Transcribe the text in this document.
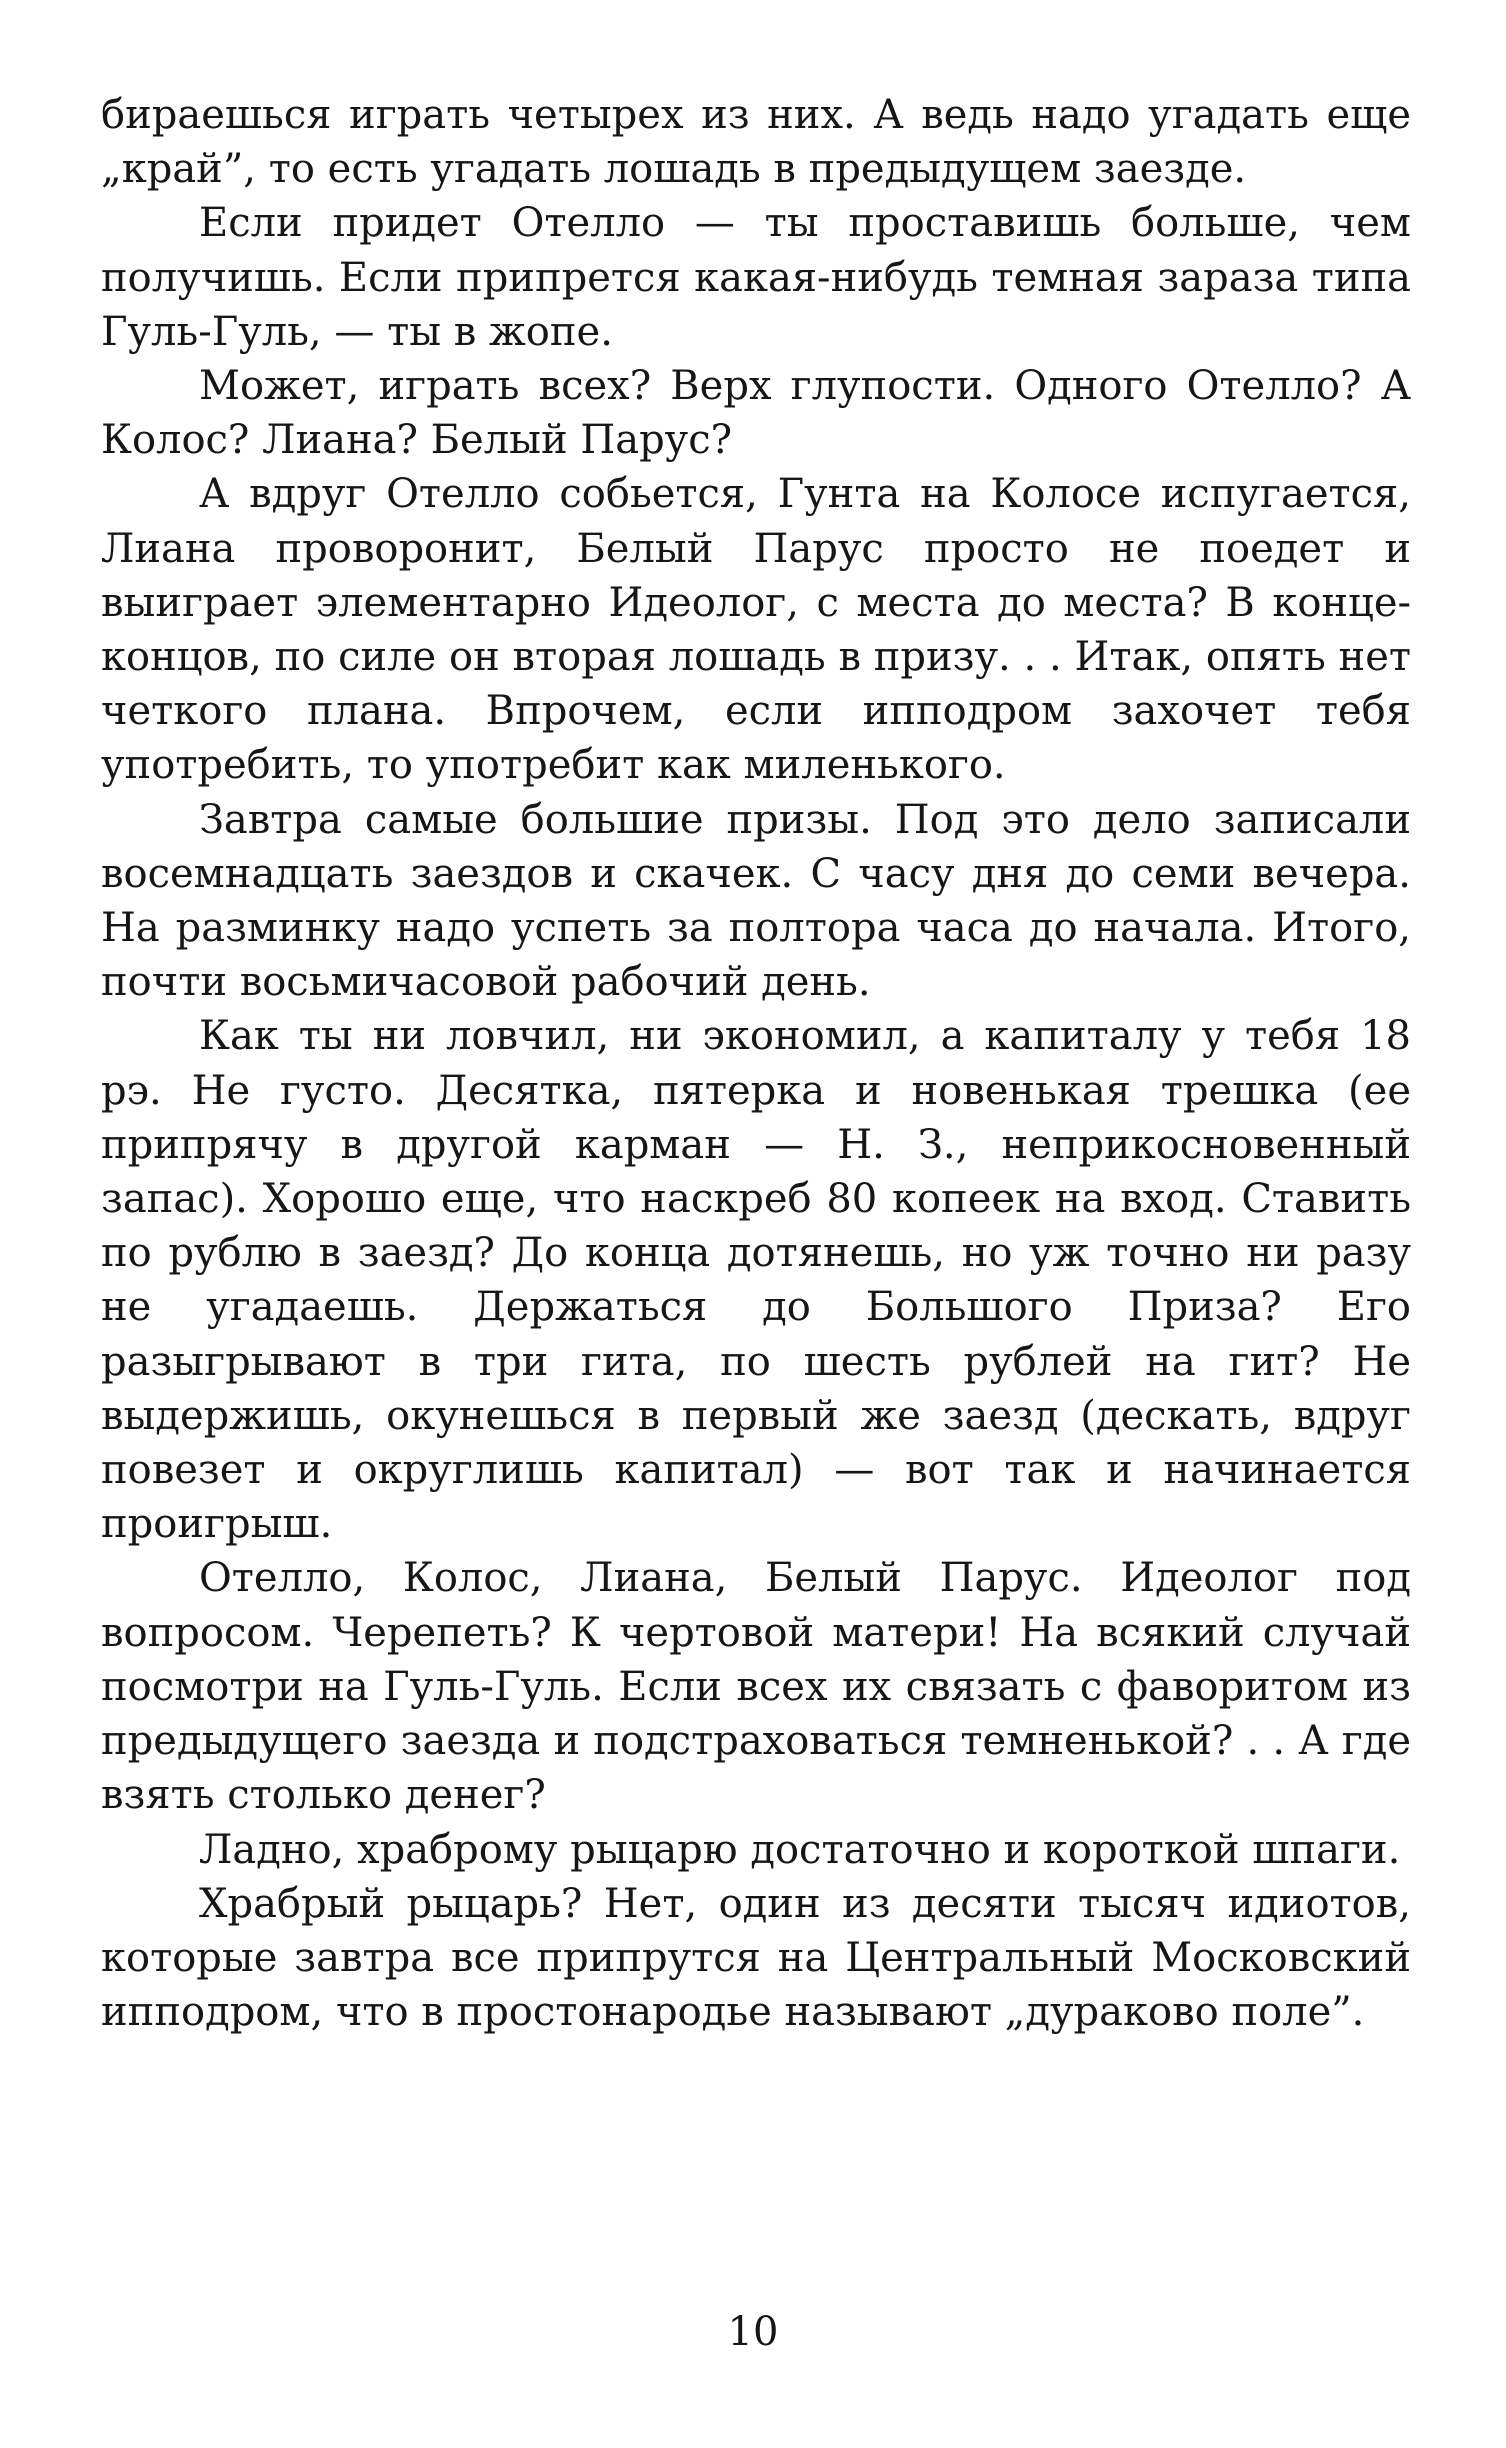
бираешься играть четырех из них. А ведь надо угадать еще „край”, то есть угадать лошадь в предыдущем заезде.

Если придет Отелло — ты проставишь больше, чем получишь. Если припрется какая-нибудь темная зараза типа Гуль-Гуль, — ты в жопе.

Может, играть всех? Верх глупости. Одного Отелло? А Колос? Лиана? Белый Парус?

А вдруг Отелло собьется, Гунта на Колосе испугается, Лиана проворонит, Белый Парус просто не поедет и выиграет элементарно Идеолог, с места до места? В конце-концов, по силе он вторая лошадь в призу. . . Итак, опять нет четкого плана. Впрочем, если ипподром захочет тебя употребить, то употребит как миленького.

Завтра самые большие призы. Под это дело записали восемнадцать заездов и скачек. С часу дня до семи вечера. На разминку надо успеть за полтора часа до начала. Итого, почти восьмичасовой рабочий день.

Как ты ни ловчил, ни экономил, а капиталу у тебя 18 рэ. Не густо. Десятка, пятерка и новенькая трешка (ее припрячу в другой карман — Н. З., неприкосновенный запас). Хорошо еще, что наскреб 80 копеек на вход. Ставить по рублю в заезд? До конца дотянешь, но уж точно ни разу не угадаешь. Держаться до Большого Приза? Его разыгрывают в три гита, по шесть рублей на гит? Не выдержишь, окунешься в первый же заезд (дескать, вдруг повезет и округлишь капитал) — вот так и начинается проигрыш.

Отелло, Колос, Лиана, Белый Парус. Идеолог под вопросом. Черепеть? К чертовой матери! На всякий случай посмотри на Гуль-Гуль. Если всех их связать с фаворитом из предыдущего заезда и подстраховаться темненькой? . . А где взять столько денег?

Ладно, храброму рыцарю достаточно и короткой шпаги.

Храбрый рыцарь? Нет, один из десяти тысяч идиотов, которые завтра все припрутся на Центральный Московский ипподром, что в простонародье называют „дураково поле”.

10
